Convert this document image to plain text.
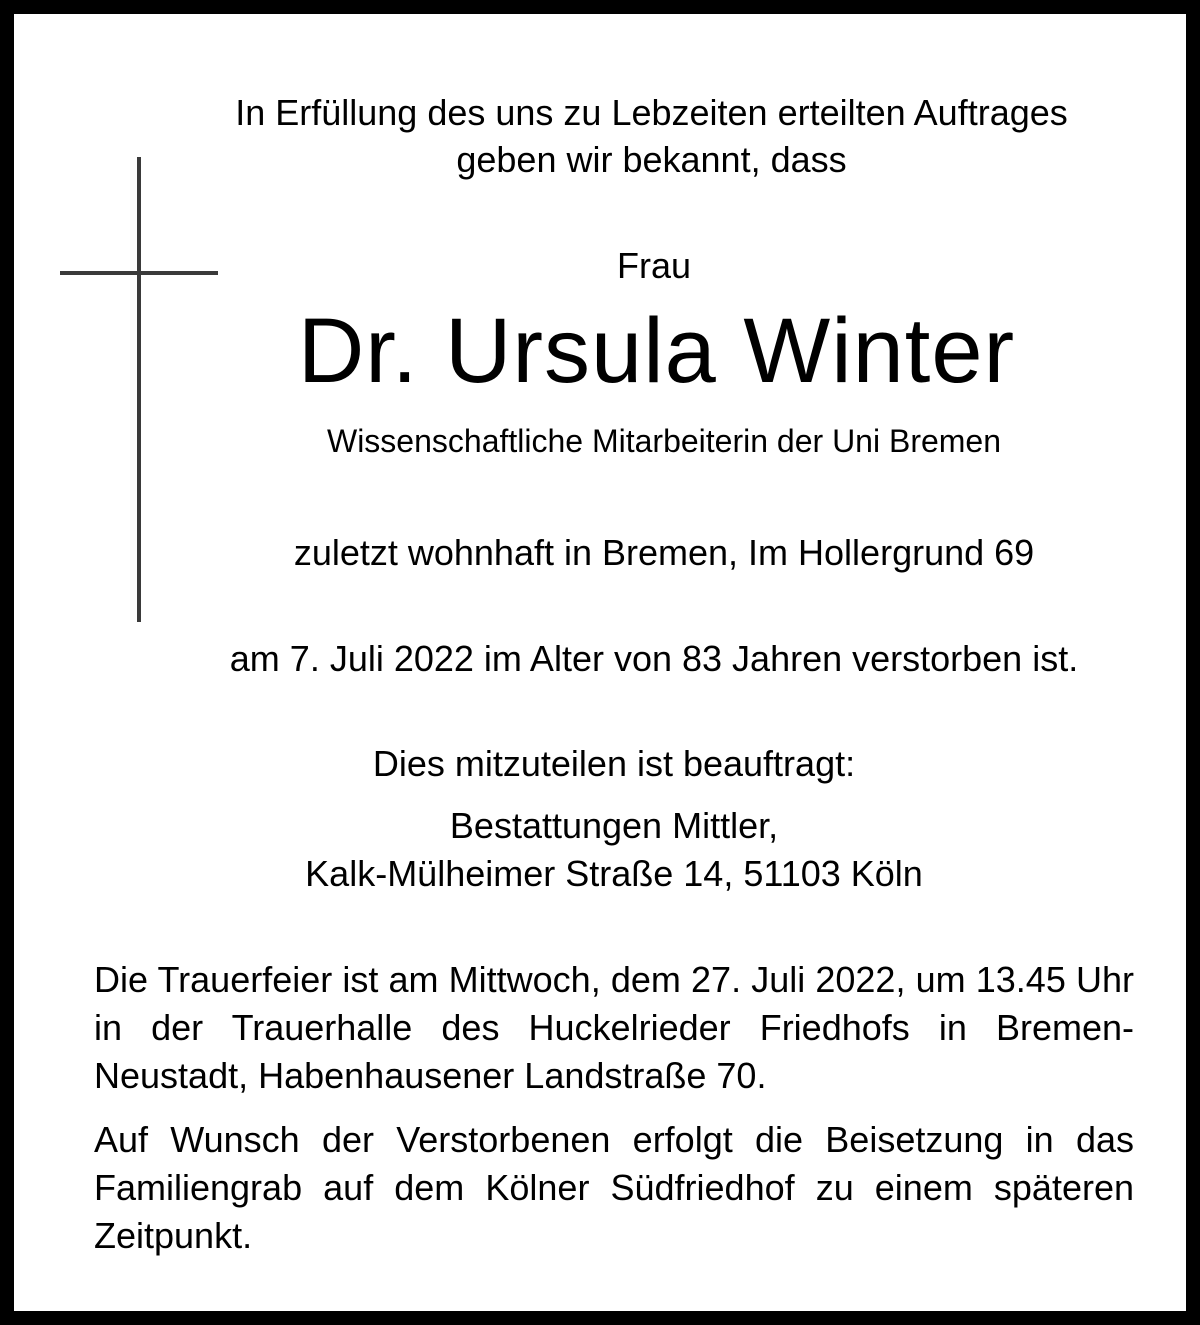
In Erfüllung des uns zu Lebzeiten erteilten Auftrages
geben wir bekannt, dass
Frau
Dr. Ursula Winter
Wissenschaftliche Mitarbeiterin der Uni Bremen
zuletzt wohnhaft in Bremen, Im Hollergrund 69
am 7. Juli 2022 im Alter von 83 Jahren verstorben ist.
Dies mitzuteilen ist beauftragt:
Bestattungen Mittler,
Kalk-Mülheimer Straße 14, 51103 Köln
Die Trauerfeier ist am Mittwoch, dem 27. Juli 2022, um 13.45 Uhr in der Trauerhalle des Huckelrieder Friedhofs in Bremen-Neustadt, Habenhausener Landstraße 70.
Auf Wunsch der Verstorbenen erfolgt die Beisetzung in das Familiengrab auf dem Kölner Südfriedhof zu einem späteren Zeitpunkt.
